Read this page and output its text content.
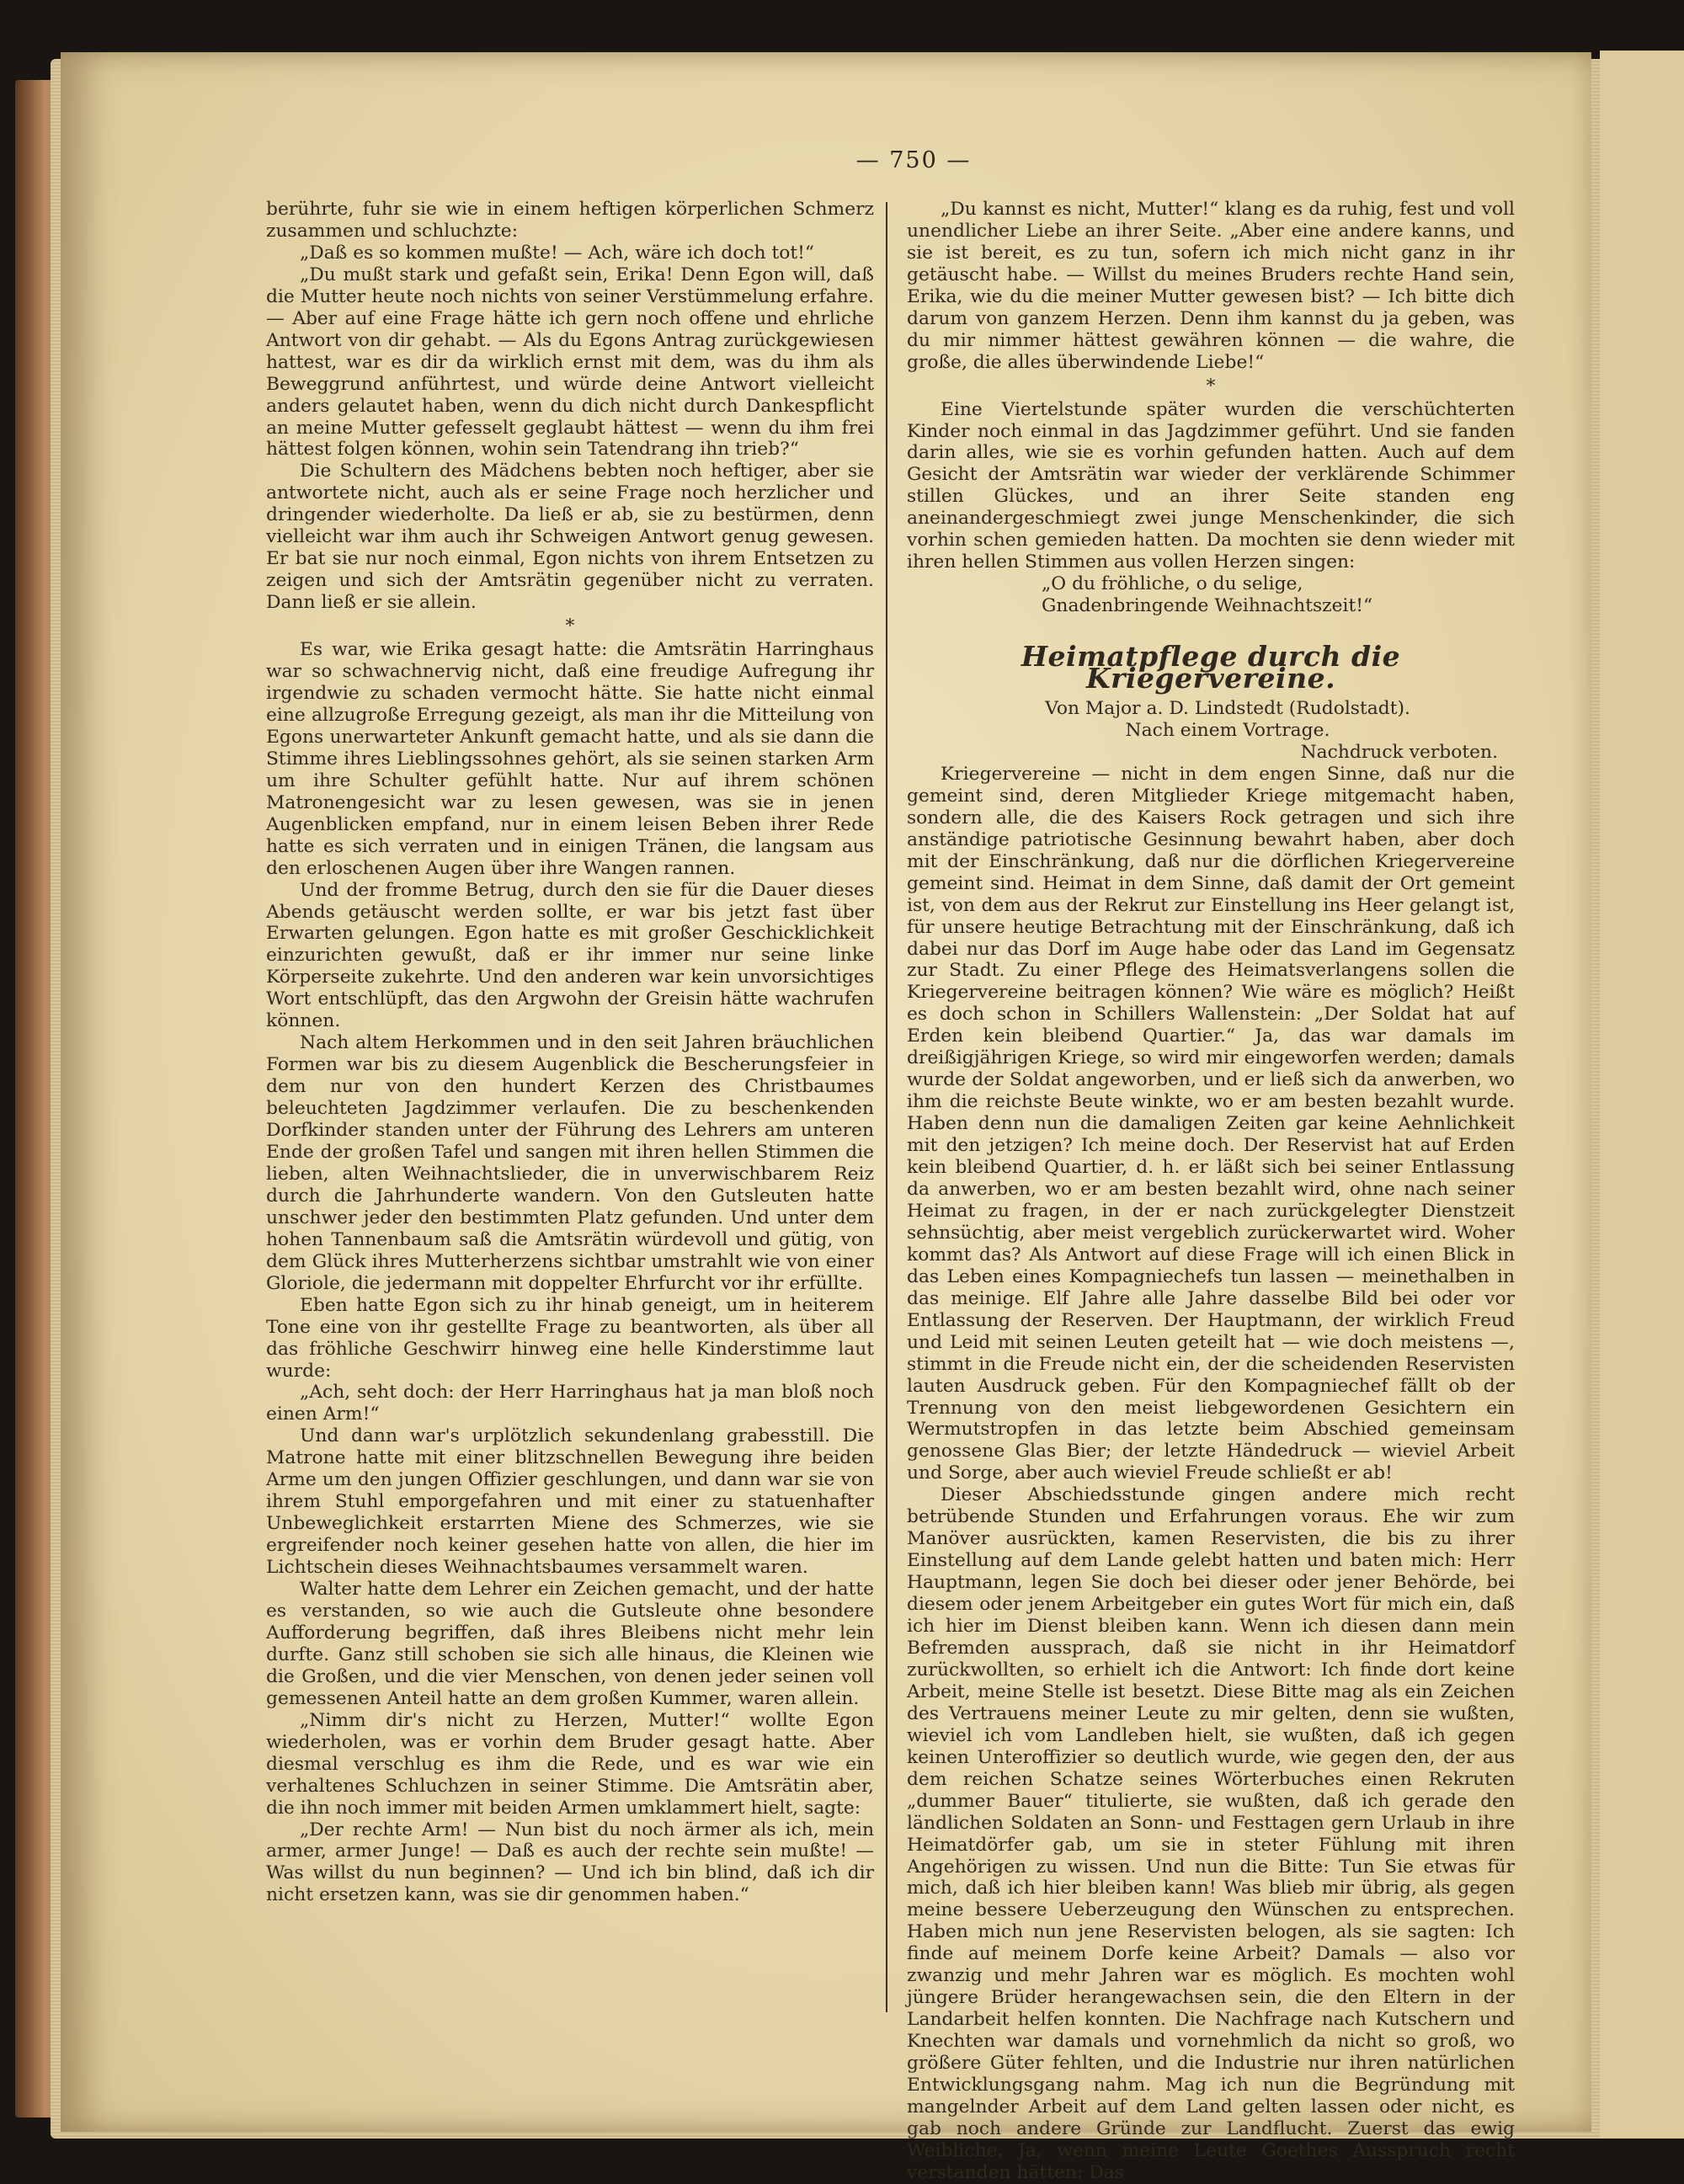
— 750 —

berührte, fuhr sie wie in einem heftigen körperlichen Schmerz zusammen und schluchzte:

„Daß es so kommen mußte! — Ach, wäre ich doch tot!“

„Du mußt stark und gefaßt sein, Erika! Denn Egon will, daß die Mutter heute noch nichts von seiner Verstümmelung erfahre. — Aber auf eine Frage hätte ich gern noch offene und ehrliche Antwort von dir gehabt. — Als du Egons Antrag zurückgewiesen hattest, war es dir da wirklich ernst mit dem, was du ihm als Beweggrund anführtest, und würde deine Antwort vielleicht anders gelautet haben, wenn du dich nicht durch Dankespflicht an meine Mutter gefesselt geglaubt hättest — wenn du ihm frei hättest folgen können, wohin sein Tatendrang ihn trieb?“

Die Schultern des Mädchens bebten noch heftiger, aber sie antwortete nicht, auch als er seine Frage noch herzlicher und dringender wiederholte. Da ließ er ab, sie zu bestürmen, denn vielleicht war ihm auch ihr Schweigen Antwort genug gewesen. Er bat sie nur noch einmal, Egon nichts von ihrem Entsetzen zu zeigen und sich der Amtsrätin gegenüber nicht zu verraten. Dann ließ er sie allein.

*

Es war, wie Erika gesagt hatte: die Amtsrätin Harringhaus war so schwachnervig nicht, daß eine freudige Aufregung ihr irgendwie zu schaden vermocht hätte. Sie hatte nicht einmal eine allzugroße Erregung gezeigt, als man ihr die Mitteilung von Egons unerwarteter Ankunft gemacht hatte, und als sie dann die Stimme ihres Lieblingssohnes gehört, als sie seinen starken Arm um ihre Schulter gefühlt hatte. Nur auf ihrem schönen Matronengesicht war zu lesen gewesen, was sie in jenen Augenblicken empfand, nur in einem leisen Beben ihrer Rede hatte es sich verraten und in einigen Tränen, die langsam aus den erloschenen Augen über ihre Wangen rannen.

Und der fromme Betrug, durch den sie für die Dauer dieses Abends getäuscht werden sollte, er war bis jetzt fast über Erwarten gelungen. Egon hatte es mit großer Geschicklichkeit einzurichten gewußt, daß er ihr immer nur seine linke Körperseite zukehrte. Und den anderen war kein unvorsichtiges Wort entschlüpft, das den Argwohn der Greisin hätte wachrufen können.

Nach altem Herkommen und in den seit Jahren bräuchlichen Formen war bis zu diesem Augenblick die Bescherungsfeier in dem nur von den hundert Kerzen des Christbaumes beleuchteten Jagdzimmer verlaufen. Die zu beschenkenden Dorfkinder standen unter der Führung des Lehrers am unteren Ende der großen Tafel und sangen mit ihren hellen Stimmen die lieben, alten Weihnachtslieder, die in unverwischbarem Reiz durch die Jahrhunderte wandern. Von den Gutsleuten hatte unschwer jeder den bestimmten Platz gefunden. Und unter dem hohen Tannenbaum saß die Amtsrätin würdevoll und gütig, von dem Glück ihres Mutterherzens sichtbar umstrahlt wie von einer Gloriole, die jedermann mit doppelter Ehrfurcht vor ihr erfüllte.

Eben hatte Egon sich zu ihr hinab geneigt, um in heiterem Tone eine von ihr gestellte Frage zu beantworten, als über all das fröhliche Geschwirr hinweg eine helle Kinderstimme laut wurde:

„Ach, seht doch: der Herr Harringhaus hat ja man bloß noch einen Arm!“

Und dann war's urplötzlich sekundenlang grabesstill. Die Matrone hatte mit einer blitzschnellen Bewegung ihre beiden Arme um den jungen Offizier geschlungen, und dann war sie von ihrem Stuhl emporgefahren und mit einer zu statuenhafter Unbeweglichkeit erstarrten Miene des Schmerzes, wie sie ergreifender noch keiner gesehen hatte von allen, die hier im Lichtschein dieses Weihnachtsbaumes versammelt waren.

Walter hatte dem Lehrer ein Zeichen gemacht, und der hatte es verstanden, so wie auch die Gutsleute ohne besondere Aufforderung begriffen, daß ihres Bleibens nicht mehr lein durfte. Ganz still schoben sie sich alle hinaus, die Kleinen wie die Großen, und die vier Menschen, von denen jeder seinen voll gemessenen Anteil hatte an dem großen Kummer, waren allein.

„Nimm dir's nicht zu Herzen, Mutter!“ wollte Egon wiederholen, was er vorhin dem Bruder gesagt hatte. Aber diesmal verschlug es ihm die Rede, und es war wie ein verhaltenes Schluchzen in seiner Stimme. Die Amtsrätin aber, die ihn noch immer mit beiden Armen umklammert hielt, sagte:

„Der rechte Arm! — Nun bist du noch ärmer als ich, mein armer, armer Junge! — Daß es auch der rechte sein mußte! — Was willst du nun beginnen? — Und ich bin blind, daß ich dir nicht ersetzen kann, was sie dir genommen haben.“

„Du kannst es nicht, Mutter!“ klang es da ruhig, fest und voll unendlicher Liebe an ihrer Seite. „Aber eine andere kanns, und sie ist bereit, es zu tun, sofern ich mich nicht ganz in ihr getäuscht habe. — Willst du meines Bruders rechte Hand sein, Erika, wie du die meiner Mutter gewesen bist? — Ich bitte dich darum von ganzem Herzen. Denn ihm kannst du ja geben, was du mir nimmer hättest gewähren können — die wahre, die große, die alles überwindende Liebe!“

*

Eine Viertelstunde später wurden die verschüchterten Kinder noch einmal in das Jagdzimmer geführt. Und sie fanden darin alles, wie sie es vorhin gefunden hatten. Auch auf dem Gesicht der Amtsrätin war wieder der verklärende Schimmer stillen Glückes, und an ihrer Seite standen eng aneinandergeschmiegt zwei junge Menschenkinder, die sich vorhin schen gemieden hatten. Da mochten sie denn wieder mit ihren hellen Stimmen aus vollen Herzen singen:

„O du fröhliche, o du selige,

Gnadenbringende Weihnachtszeit!“

Heimatpflege durch die Kriegervereine.

Von Major a. D. Lindstedt (Rudolstadt).

Nach einem Vortrage.

Nachdruck verboten.

Kriegervereine — nicht in dem engen Sinne, daß nur die gemeint sind, deren Mitglieder Kriege mitgemacht haben, sondern alle, die des Kaisers Rock getragen und sich ihre anständige patriotische Gesinnung bewahrt haben, aber doch mit der Einschränkung, daß nur die dörflichen Kriegervereine gemeint sind. Heimat in dem Sinne, daß damit der Ort gemeint ist, von dem aus der Rekrut zur Einstellung ins Heer gelangt ist, für unsere heutige Betrachtung mit der Einschränkung, daß ich dabei nur das Dorf im Auge habe oder das Land im Gegensatz zur Stadt. Zu einer Pflege des Heimatsverlangens sollen die Kriegervereine beitragen können? Wie wäre es möglich? Heißt es doch schon in Schillers Wallenstein: „Der Soldat hat auf Erden kein bleibend Quartier.“ Ja, das war damals im dreißigjährigen Kriege, so wird mir eingeworfen werden; damals wurde der Soldat angeworben, und er ließ sich da anwerben, wo ihm die reichste Beute winkte, wo er am besten bezahlt wurde. Haben denn nun die damaligen Zeiten gar keine Aehnlichkeit mit den jetzigen? Ich meine doch. Der Reservist hat auf Erden kein bleibend Quartier, d. h. er läßt sich bei seiner Entlassung da anwerben, wo er am besten bezahlt wird, ohne nach seiner Heimat zu fragen, in der er nach zurückgelegter Dienstzeit sehnsüchtig, aber meist vergeblich zurückerwartet wird. Woher kommt das? Als Antwort auf diese Frage will ich einen Blick in das Leben eines Kompagniechefs tun lassen — meinethalben in das meinige. Elf Jahre alle Jahre dasselbe Bild bei oder vor Entlassung der Reserven. Der Hauptmann, der wirklich Freud und Leid mit seinen Leuten geteilt hat — wie doch meistens —, stimmt in die Freude nicht ein, der die scheidenden Reservisten lauten Ausdruck geben. Für den Kompagniechef fällt ob der Trennung von den meist liebgewordenen Gesichtern ein Wermutstropfen in das letzte beim Abschied gemeinsam genossene Glas Bier; der letzte Händedruck — wieviel Arbeit und Sorge, aber auch wieviel Freude schließt er ab!

Dieser Abschiedsstunde gingen andere mich recht betrübende Stunden und Erfahrungen voraus. Ehe wir zum Manöver ausrückten, kamen Reservisten, die bis zu ihrer Einstellung auf dem Lande gelebt hatten und baten mich: Herr Hauptmann, legen Sie doch bei dieser oder jener Behörde, bei diesem oder jenem Arbeitgeber ein gutes Wort für mich ein, daß ich hier im Dienst bleiben kann. Wenn ich diesen dann mein Befremden aussprach, daß sie nicht in ihr Heimatdorf zurückwollten, so erhielt ich die Antwort: Ich finde dort keine Arbeit, meine Stelle ist besetzt. Diese Bitte mag als ein Zeichen des Vertrauens meiner Leute zu mir gelten, denn sie wußten, wieviel ich vom Landleben hielt, sie wußten, daß ich gegen keinen Unteroffizier so deutlich wurde, wie gegen den, der aus dem reichen Schatze seines Wörterbuches einen Rekruten „dummer Bauer“ titulierte, sie wußten, daß ich gerade den ländlichen Soldaten an Sonn- und Festtagen gern Urlaub in ihre Heimatdörfer gab, um sie in steter Fühlung mit ihren Angehörigen zu wissen. Und nun die Bitte: Tun Sie etwas für mich, daß ich hier bleiben kann! Was blieb mir übrig, als gegen meine bessere Ueberzeugung den Wünschen zu entsprechen. Haben mich nun jene Reservisten belogen, als sie sagten: Ich finde auf meinem Dorfe keine Arbeit? Damals — also vor zwanzig und mehr Jahren war es möglich. Es mochten wohl jüngere Brüder herangewachsen sein, die den Eltern in der Landarbeit helfen konnten. Die Nachfrage nach Kutschern und Knechten war damals und vornehmlich da nicht so groß, wo größere Güter fehlten, und die Industrie nur ihren natürlichen Entwicklungsgang nahm. Mag ich nun die Begründung mit mangelnder Arbeit auf dem Land gelten lassen oder nicht, es gab noch andere Gründe zur Landflucht. Zuerst das ewig Weibliche. Ja, wenn meine Leute Goethes Ausspruch recht verstanden hätten: Das
